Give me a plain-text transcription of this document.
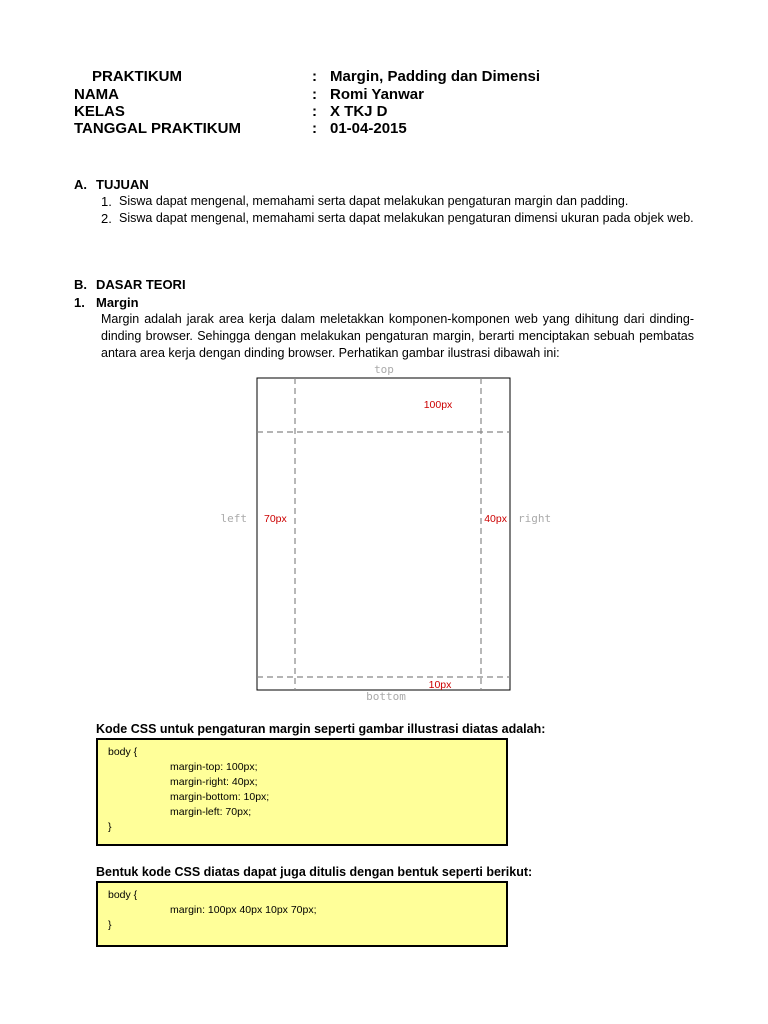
PRAKTIKUM	: Margin, Padding dan Dimensi
NAMA	: Romi Yanwar
KELAS	: X TKJ D
TANGGAL PRAKTIKUM	: 01-04-2015
A. TUJUAN
1. Siswa dapat mengenal, memahami serta dapat melakukan pengaturan margin dan padding.
2. Siswa dapat mengenal, memahami serta dapat melakukan pengaturan dimensi ukuran pada objek web.
B. DASAR TEORI
1. Margin
Margin adalah jarak area kerja dalam meletakkan komponen-komponen web yang dihitung dari dinding-dinding browser. Sehingga dengan melakukan pengaturan margin, berarti menciptakan sebuah pembatas antara area kerja dengan dinding browser. Perhatikan gambar ilustrasi dibawah ini:
top
bottom
left	right
100px
10px
70px	40px
Kode CSS untuk pengaturan margin seperti gambar illustrasi diatas adalah:
body {
margin-top: 100px;
margin-right: 40px;
margin-bottom: 10px;
margin-left: 70px;
}
Bentuk kode CSS diatas dapat juga ditulis dengan bentuk seperti berikut:
body {
margin: 100px 40px 10px 70px;
}
